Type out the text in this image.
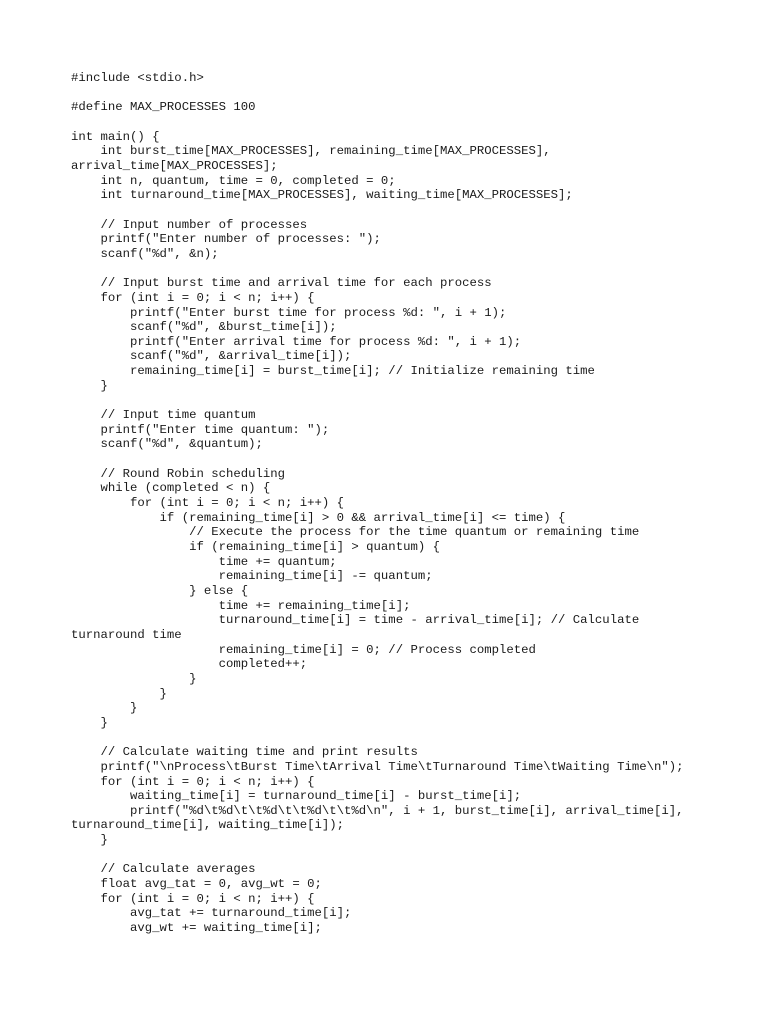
#include <stdio.h>
#define MAX_PROCESSES 100
int main() {
int burst_time[MAX_PROCESSES], remaining_time[MAX_PROCESSES],
arrival_time[MAX_PROCESSES];
int n, quantum, time = 0, completed = 0;
int turnaround_time[MAX_PROCESSES], waiting_time[MAX_PROCESSES];
// Input number of processes
printf("Enter number of processes: ");
scanf("%d", &n);
// Input burst time and arrival time for each process
for (int i = 0; i < n; i++) {
printf("Enter burst time for process %d: ", i + 1);
scanf("%d", &burst_time[i]);
printf("Enter arrival time for process %d: ", i + 1);
scanf("%d", &arrival_time[i]);
remaining_time[i] = burst_time[i]; // Initialize remaining time
}
// Input time quantum
printf("Enter time quantum: ");
scanf("%d", &quantum);
// Round Robin scheduling
while (completed < n) {
for (int i = 0; i < n; i++) {
if (remaining_time[i] > 0 && arrival_time[i] <= time) {
// Execute the process for the time quantum or remaining time
if (remaining_time[i] > quantum) {
time += quantum;
remaining_time[i] -= quantum;
} else {
time += remaining_time[i];
turnaround_time[i] = time - arrival_time[i]; // Calculate
turnaround time
remaining_time[i] = 0; // Process completed
completed++;
}
}
}
}
// Calculate waiting time and print results
printf("\nProcess\tBurst Time\tArrival Time\tTurnaround Time\tWaiting Time\n");
for (int i = 0; i < n; i++) {
waiting_time[i] = turnaround_time[i] - burst_time[i];
printf("%d\t%d\t\t%d\t\t%d\t\t%d\n", i + 1, burst_time[i], arrival_time[i],
turnaround_time[i], waiting_time[i]);
}
// Calculate averages
float avg_tat = 0, avg_wt = 0;
for (int i = 0; i < n; i++) {
avg_tat += turnaround_time[i];
avg_wt += waiting_time[i];
